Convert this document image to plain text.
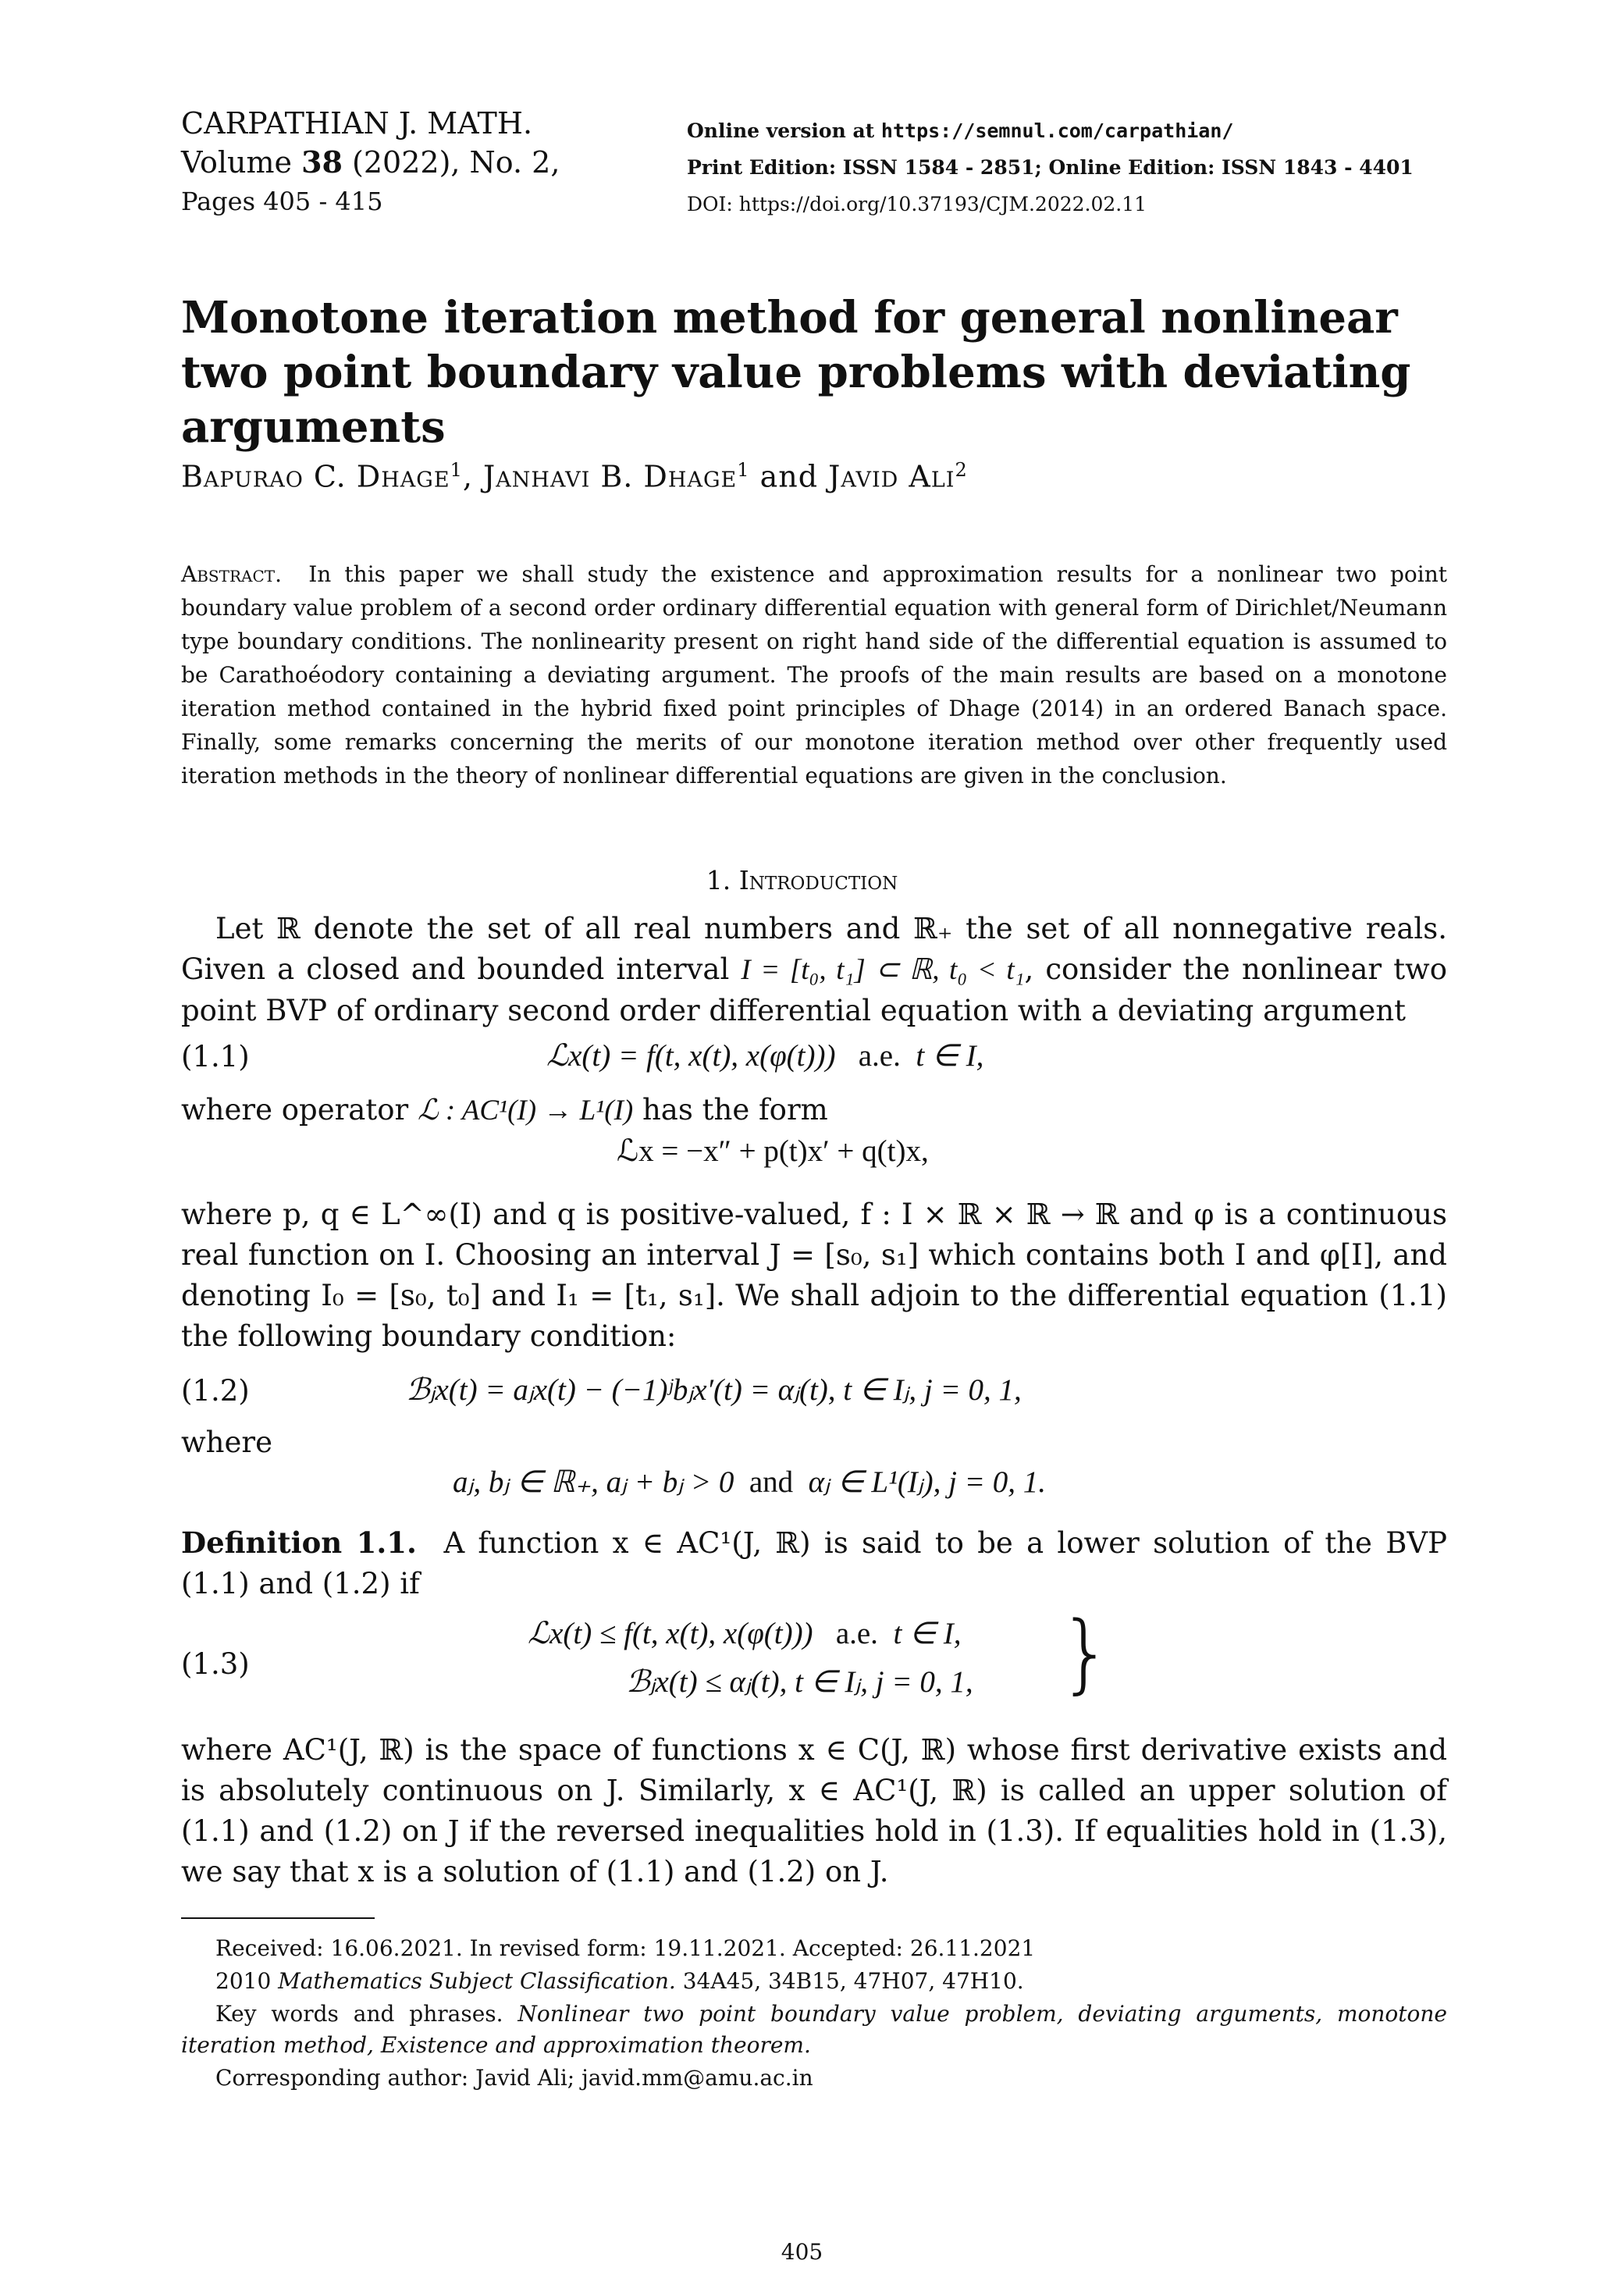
CARPATHIAN J. MATH.
Volume 38 (2022), No. 2,
Pages 405 - 415
Online version at https://semnul.com/carpathian/
Print Edition: ISSN 1584 - 2851; Online Edition: ISSN 1843 - 4401
DOI: https://doi.org/10.37193/CJM.2022.02.11
Monotone iteration method for general nonlinear two point boundary value problems with deviating arguments
Bapurao C. Dhage$^1$, Janhavi B. Dhage$^1$ and Javid Ali$^2$
Abstract. In this paper we shall study the existence and approximation results for a nonlinear two point boundary value problem of a second order ordinary differential equation with general form of Dirichlet/Neumann type boundary conditions. The nonlinearity present on right hand side of the differential equation is assumed to be Carathoéodory containing a deviating argument. The proofs of the main results are based on a monotone iteration method contained in the hybrid fixed point principles of Dhage (2014) in an ordered Banach space. Finally, some remarks concerning the merits of our monotone iteration method over other frequently used iteration methods in the theory of nonlinear differential equations are given in the conclusion.
1. Introduction
Let ℝ denote the set of all real numbers and ℝ₊ the set of all nonnegative reals. Given a closed and bounded interval I = [t₀, t₁] ⊂ ℝ, t₀ < t₁, consider the nonlinear two point BVP of ordinary second order differential equation with a deviating argument
(1.1)	ℒx(t) = f(t, x(t), x(φ(t))) a.e. t ∈ I,
where operator ℒ : AC¹(I) → L¹(I) has the form
ℒx = −x″ + p(t)x′ + q(t)x,
where p, q ∈ L^∞(I) and q is positive-valued, f : I × ℝ × ℝ → ℝ and φ is a continuous real function on I. Choosing an interval J = [s₀, s₁] which contains both I and φ[I], and denoting I₀ = [s₀, t₀] and I₁ = [t₁, s₁]. We shall adjoin to the differential equation (1.1) the following boundary condition:
(1.2)	ℬⱼx(t) = aⱼx(t) − (−1)ʲbⱼx′(t) = αⱼ(t), t ∈ Iⱼ, j = 0, 1,
where
aⱼ, bⱼ ∈ ℝ₊, aⱼ + bⱼ > 0 and αⱼ ∈ L¹(Iⱼ), j = 0, 1.
Definition 1.1. A function x ∈ AC¹(J, ℝ) is said to be a lower solution of the BVP (1.1) and (1.2) if
(1.3)
ℒx(t) ≤ f(t, x(t), x(φ(t))) a.e. t ∈ I,
ℬⱼx(t) ≤ αⱼ(t), t ∈ Iⱼ, j = 0, 1, }
where AC¹(J, ℝ) is the space of functions x ∈ C(J, ℝ) whose first derivative exists and is absolutely continuous on J. Similarly, x ∈ AC¹(J, ℝ) is called an upper solution of (1.1) and (1.2) on J if the reversed inequalities hold in (1.3). If equalities hold in (1.3), we say that x is a solution of (1.1) and (1.2) on J.
Received: 16.06.2021. In revised form: 19.11.2021. Accepted: 26.11.2021
2010 Mathematics Subject Classification. 34A45, 34B15, 47H07, 47H10.
Key words and phrases. Nonlinear two point boundary value problem, deviating arguments, monotone iteration method, Existence and approximation theorem.
Corresponding author: Javid Ali; javid.mm@amu.ac.in
405
